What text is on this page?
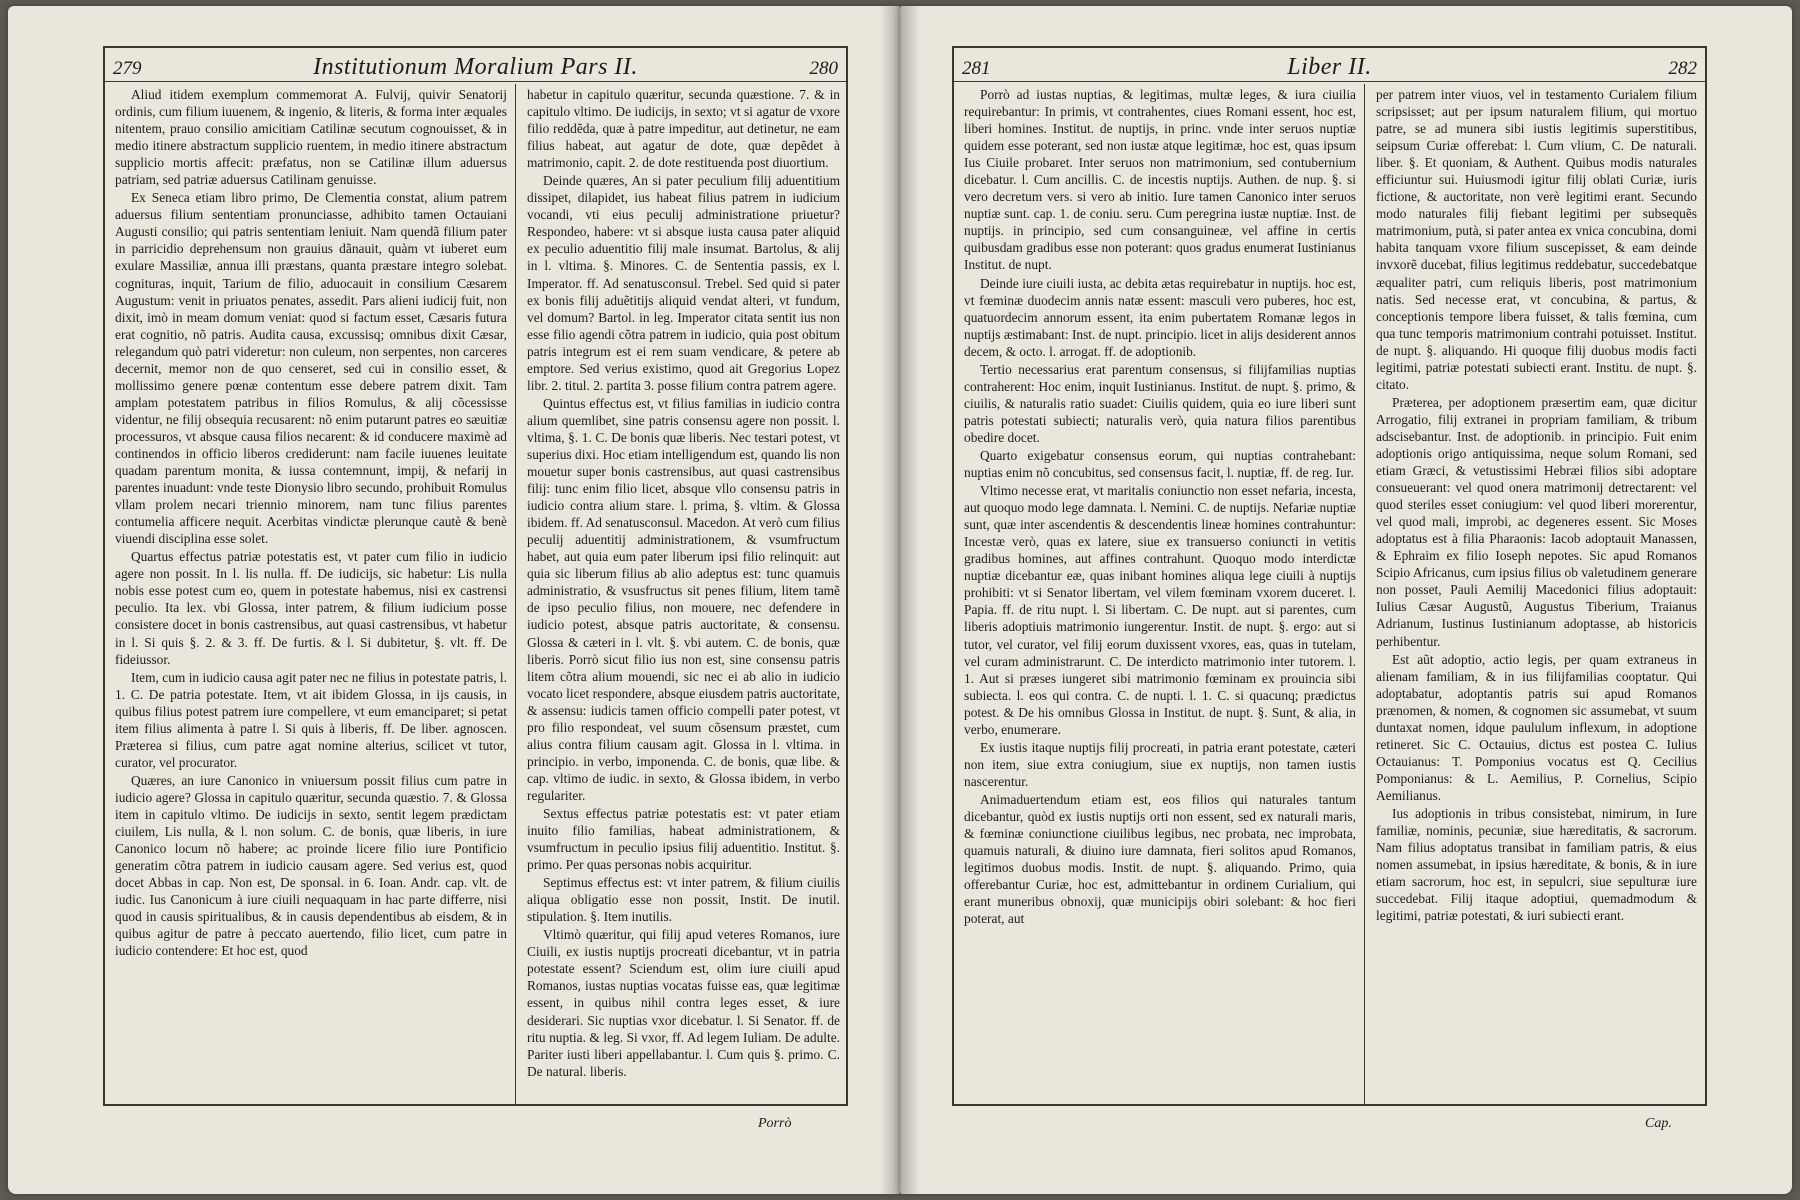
279	Institutionum Moralium Pars II.	280

Aliud itidem exemplum commemorat A. Fulvij, quivir Senatorij ordinis, cum filium iuuenem, & ingenio, & literis, & forma inter æquales nitentem, prauo consilio amicitiam Catilinæ secutum cognouisset, & in medio itinere abstractum supplicio ruentem, in medio itinere abstractum supplicio mortis affecit: præfatus, non se Catilinæ illum aduersus patriam, sed patriæ aduersus Catilinam genuisse.

Ex Seneca etiam libro primo, De Clementia constat, alium patrem aduersus filium sententiam pronunciasse, adhibito tamen Octauiani Augusti consilio; qui patris sententiam leniuit. Nam quendã filium pater in parricidio deprehensum non grauius dãnauit, quàm vt iuberet eum exulare Massiliæ, annua illi præstans, quanta præstare integro solebat. cognituras, inquit, Tarium de filio, aduocauit in consilium Cæsarem Augustum: venit in priuatos penates, assedit. Pars alieni iudicij fuit, non dixit, imò in meam domum veniat: quod si factum esset, Cæsaris futura erat cognitio, nõ patris. Audita causa, excussisq; omnibus dixit Cæsar, relegandum quò patri videretur: non culeum, non serpentes, non carceres decernit, memor non de quo censeret, sed cui in consilio esset, & mollissimo genere pœnæ contentum esse debere patrem dixit. Tam amplam potestatem patribus in filios Romulus, & alij cõcessisse videntur, ne filij obsequia recusarent: nõ enim putarunt patres eo sæuitiæ processuros, vt absque causa filios necarent: & id conducere maximè ad continendos in officio liberos crediderunt: nam facile iuuenes leuitate quadam parentum monita, & iussa contemnunt, impij, & nefarij in parentes inuadunt: vnde teste Dionysio libro secundo, prohibuit Romulus vllam prolem necari triennio minorem, nam tunc filius parentes contumelia afficere nequit. Acerbitas vindictæ plerunque cautè & benè viuendi disciplina esse solet.

Quartus effectus patriæ potestatis est, vt pater cum filio in iudicio agere non possit. In l. lis nulla. ff. De iudicijs, sic habetur: Lis nulla nobis esse potest cum eo, quem in potestate habemus, nisi ex castrensi peculio. Ita lex. vbi Glossa, inter patrem, & filium iudicium posse consistere docet in bonis castrensibus, aut quasi castrensibus, vt habetur in l. Si quis §. 2. & 3. ff. De furtis. & l. Si dubitetur, §. vlt. ff. De fideiussor.

Item, cum in iudicio causa agit pater nec ne filius in potestate patris, l. 1. C. De patria potestate. Item, vt ait ibidem Glossa, in ijs causis, in quibus filius potest patrem iure compellere, vt eum emanciparet; si petat item filius alimenta à patre l. Si quis à liberis, ff. De liber. agnoscen. Præterea si filius, cum patre agat nomine alterius, scilicet vt tutor, curator, vel procurator.

Quæres, an iure Canonico in vniuersum possit filius cum patre in iudicio agere? Glossa in capitulo quæritur, secunda quæstio. 7. & Glossa item in capitulo vltimo. De iudicijs in sexto, sentit legem prædictam ciuilem, Lis nulla, & l. non solum. C. de bonis, quæ liberis, in iure Canonico locum nõ habere; ac proinde licere filio iure Pontificio generatim cõtra patrem in iudicio causam agere. Sed verius est, quod docet Abbas in cap. Non est, De sponsal. in 6. Ioan. Andr. cap. vlt. de iudic. Ius Canonicum à iure ciuili nequaquam in hac parte differre, nisi quod in causis spiritualibus, & in causis dependentibus ab eisdem, & in quibus agitur de patre à peccato auertendo, filio licet, cum patre in iudicio contendere: Et hoc est, quod

habetur in capitulo quæritur, secunda quæstione. 7. & in capitulo vltimo. De iudicijs, in sexto; vt si agatur de vxore filio reddẽda, quæ à patre impeditur, aut detinetur, ne eam filius habeat, aut agatur de dote, quæ depẽdet à matrimonio, capit. 2. de dote restituenda post diuortium.

Deinde quæres, An si pater peculium filij aduentitium dissipet, dilapidet, ius habeat filius patrem in iudicium vocandi, vti eius peculij administratione priuetur? Respondeo, habere: vt si absque iusta causa pater aliquid ex peculio aduentitio filij male insumat. Bartolus, & alij in l. vltima. §. Minores. C. de Sententia passis, ex l. Imperator. ff. Ad senatusconsul. Trebel. Sed quid si pater ex bonis filij aduẽtitijs aliquid vendat alteri, vt fundum, vel domum? Bartol. in leg. Imperator citata sentit ius non esse filio agendi cõtra patrem in iudicio, quia post obitum patris integrum est ei rem suam vendicare, & petere ab emptore. Sed verius existimo, quod ait Gregorius Lopez libr. 2. titul. 2. partita 3. posse filium contra patrem agere.

Quintus effectus est, vt filius familias in iudicio contra alium quemlibet, sine patris consensu agere non possit. l. vltima, §. 1. C. De bonis quæ liberis. Nec testari potest, vt superius dixi. Hoc etiam intelligendum est, quando lis non mouetur super bonis castrensibus, aut quasi castrensibus filij: tunc enim filio licet, absque vllo consensu patris in iudicio contra alium stare. l. prima, §. vltim. & Glossa ibidem. ff. Ad senatusconsul. Macedon. At verò cum filius peculij aduentitij administrationem, & vsumfructum habet, aut quia eum pater liberum ipsi filio relinquit: aut quia sic liberum filius ab alio adeptus est: tunc quamuis administratio, & vsusfructus sit penes filium, litem tamẽ de ipso peculio filius, non mouere, nec defendere in iudicio potest, absque patris auctoritate, & consensu. Glossa & cæteri in l. vlt. §. vbi autem. C. de bonis, quæ liberis. Porrò sicut filio ius non est, sine consensu patris litem cõtra alium mouendi, sic nec ei ab alio in iudicio vocato licet respondere, absque eiusdem patris auctoritate, & assensu: iudicis tamen officio compelli pater potest, vt pro filio respondeat, vel suum cõsensum præstet, cum alius contra filium causam agit. Glossa in l. vltima. in principio. in verbo, imponenda. C. de bonis, quæ libe. & cap. vltimo de iudic. in sexto, & Glossa ibidem, in verbo regulariter.

Sextus effectus patriæ potestatis est: vt pater etiam inuito filio familias, habeat administrationem, & vsumfructum in peculio ipsius filij aduentitio. Institut. §. primo. Per quas personas nobis acquiritur.

Septimus effectus est: vt inter patrem, & filium ciuilis aliqua obligatio esse non possit, Instit. De inutil. stipulation. §. Item inutilis.

Vltimò quæritur, qui filij apud veteres Romanos, iure Ciuili, ex iustis nuptijs procreati dicebantur, vt in patria potestate essent? Sciendum est, olim iure ciuili apud Romanos, iustas nuptias vocatas fuisse eas, quæ legitimæ essent, in quibus nihil contra leges esset, & iure desiderari. Sic nuptias vxor dicebatur. l. Si Senator. ff. de ritu nuptia. & leg. Si vxor, ff. Ad legem Iuliam. De adulte. Pariter iusti liberi appellabantur. l. Cum quis §. primo. C. De natural. liberis.

Porrò
281	Liber II.	282

Porrò ad iustas nuptias, & legitimas, multæ leges, & iura ciuilia requirebantur: In primis, vt contrahentes, ciues Romani essent, hoc est, liberi homines. Institut. de nuptijs, in princ. vnde inter seruos nuptiæ quidem esse poterant, sed non iustæ atque legitimæ, hoc est, quas ipsum Ius Ciuile probaret. Inter seruos non matrimonium, sed contubernium dicebatur. l. Cum ancillis. C. de incestis nuptijs. Authen. de nup. §. si vero decretum vers. si vero ab initio. Iure tamen Canonico inter seruos nuptiæ sunt. cap. 1. de coniu. seru. Cum peregrina iustæ nuptiæ. Inst. de nuptijs. in principio, sed cum consanguineæ, vel affine in certis quibusdam gradibus esse non poterant: quos gradus enumerat Iustinianus Institut. de nupt.

Deinde iure ciuili iusta, ac debita ætas requirebatur in nuptijs. hoc est, vt fœminæ duodecim annis natæ essent: masculi vero puberes, hoc est, quatuordecim annorum essent, ita enim pubertatem Romanæ legos in nuptijs æstimabant: Inst. de nupt. principio. licet in alijs desiderent annos decem, & octo. l. arrogat. ff. de adoptionib.

Tertio necessarius erat parentum consensus, si filijfamilias nuptias contraherent: Hoc enim, inquit Iustinianus. Institut. de nupt. §. primo, & ciuilis, & naturalis ratio suadet: Ciuilis quidem, quia eo iure liberi sunt patris potestati subiecti; naturalis verò, quia natura filios parentibus obedire docet.

Quarto exigebatur consensus eorum, qui nuptias contrahebant: nuptias enim nõ concubitus, sed consensus facit, l. nuptiæ, ff. de reg. Iur.

Vltimo necesse erat, vt maritalis coniunctio non esset nefaria, incesta, aut quoquo modo lege damnata. l. Nemini. C. de nuptijs. Nefariæ nuptiæ sunt, quæ inter ascendentis & descendentis lineæ homines contrahuntur: Incestæ verò, quas ex latere, siue ex transuerso coniuncti in vetitis gradibus homines, aut affines contrahunt. Quoquo modo interdictæ nuptiæ dicebantur eæ, quas inibant homines aliqua lege ciuili à nuptijs prohibiti: vt si Senator libertam, vel vilem fœminam vxorem duceret. l. Papia. ff. de ritu nupt. l. Si libertam. C. De nupt. aut si parentes, cum liberis adoptiuis matrimonio iungerentur. Instit. de nupt. §. ergo: aut si tutor, vel curator, vel filij eorum duxissent vxores, eas, quas in tutelam, vel curam administrarunt. C. De interdicto matrimonio inter tutorem. l. 1. Aut si præses iungeret sibi matrimonio fœminam ex prouincia sibi subiecta. l. eos qui contra. C. de nupti. l. 1. C. si quacunq; prædictus potest. & De his omnibus Glossa in Institut. de nupt. §. Sunt, & alia, in verbo, enumerare.

Ex iustis itaque nuptijs filij procreati, in patria erant potestate, cæteri non item, siue extra coniugium, siue ex nuptijs, non tamen iustis nascerentur.

Animaduertendum etiam est, eos filios qui naturales tantum dicebantur, quòd ex iustis nuptijs orti non essent, sed ex naturali maris, & fœminæ coniunctione ciuilibus legibus, nec probata, nec improbata, quamuis naturali, & diuino iure damnata, fieri solitos apud Romanos, legitimos duobus modis. Instit. de nupt. §. aliquando. Primo, quia offerebantur Curiæ, hoc est, admittebantur in ordinem Curialium, qui erant muneribus obnoxij, quæ municipijs obiri solebant: & hoc fieri poterat, aut

per patrem inter viuos, vel in testamento Curialem filium scripsisset; aut per ipsum naturalem filium, qui mortuo patre, se ad munera sibi iustis legitimis superstitibus, seipsum Curiæ offerebat: l. Cum vlium, C. De naturali. liber. §. Et quoniam, & Authent. Quibus modis naturales efficiuntur sui. Huiusmodi igitur filij oblati Curiæ, iuris fictione, & auctoritate, non verè legitimi erant. Secundo modo naturales filij fiebant legitimi per subsequẽs matrimonium, putà, si pater antea ex vnica concubina, domi habita tanquam vxore filium suscepisset, & eam deinde invxorẽ ducebat, filius legitimus reddebatur, succedebatque æqualiter patri, cum reliquis liberis, post matrimonium natis. Sed necesse erat, vt concubina, & partus, & conceptionis tempore libera fuisset, & talis fœmina, cum qua tunc temporis matrimonium contrahi potuisset. Institut. de nupt. §. aliquando. Hi quoque filij duobus modis facti legitimi, patriæ potestati subiecti erant. Institu. de nupt. §. citato.

Præterea, per adoptionem præsertim eam, quæ dicitur Arrogatio, filij extranei in propriam familiam, & tribum adscisebantur. Inst. de adoptionib. in principio. Fuit enim adoptionis origo antiquissima, neque solum Romani, sed etiam Græci, & vetustissimi Hebræi filios sibi adoptare consueuerant: vel quod onera matrimonij detrectarent: vel quod steriles esset coniugium: vel quod liberi morerentur, vel quod mali, improbi, ac degeneres essent. Sic Moses adoptatus est à filia Pharaonis: Iacob adoptauit Manassen, & Ephraim ex filio Ioseph nepotes. Sic apud Romanos Scipio Africanus, cum ipsius filius ob valetudinem generare non posset, Pauli Aemilij Macedonici filius adoptauit: Iulius Cæsar Augustũ, Augustus Tiberium, Traianus Adrianum, Iustinus Iustinianum adoptasse, ab historicis perhibentur.

Est aũt adoptio, actio legis, per quam extraneus in alienam familiam, & in ius filijfamilias cooptatur. Qui adoptabatur, adoptantis patris sui apud Romanos prænomen, & nomen, & cognomen sic assumebat, vt suum duntaxat nomen, idque paululum inflexum, in adoptione retineret. Sic C. Octauius, dictus est postea C. Iulius Octauianus: T. Pomponius vocatus est Q. Cecilius Pomponianus: & L. Aemilius, P. Cornelius, Scipio Aemilianus.

Ius adoptionis in tribus consistebat, nimirum, in Iure familiæ, nominis, pecuniæ, siue hæreditatis, & sacrorum. Nam filius adoptatus transibat in familiam patris, & eius nomen assumebat, in ipsius hæreditate, & bonis, & in iure etiam sacrorum, hoc est, in sepulcri, siue sepulturæ iure succedebat. Filij itaque adoptiui, quemadmodum & legitimi, patriæ potestati, & iuri subiecti erant.

Cap.
